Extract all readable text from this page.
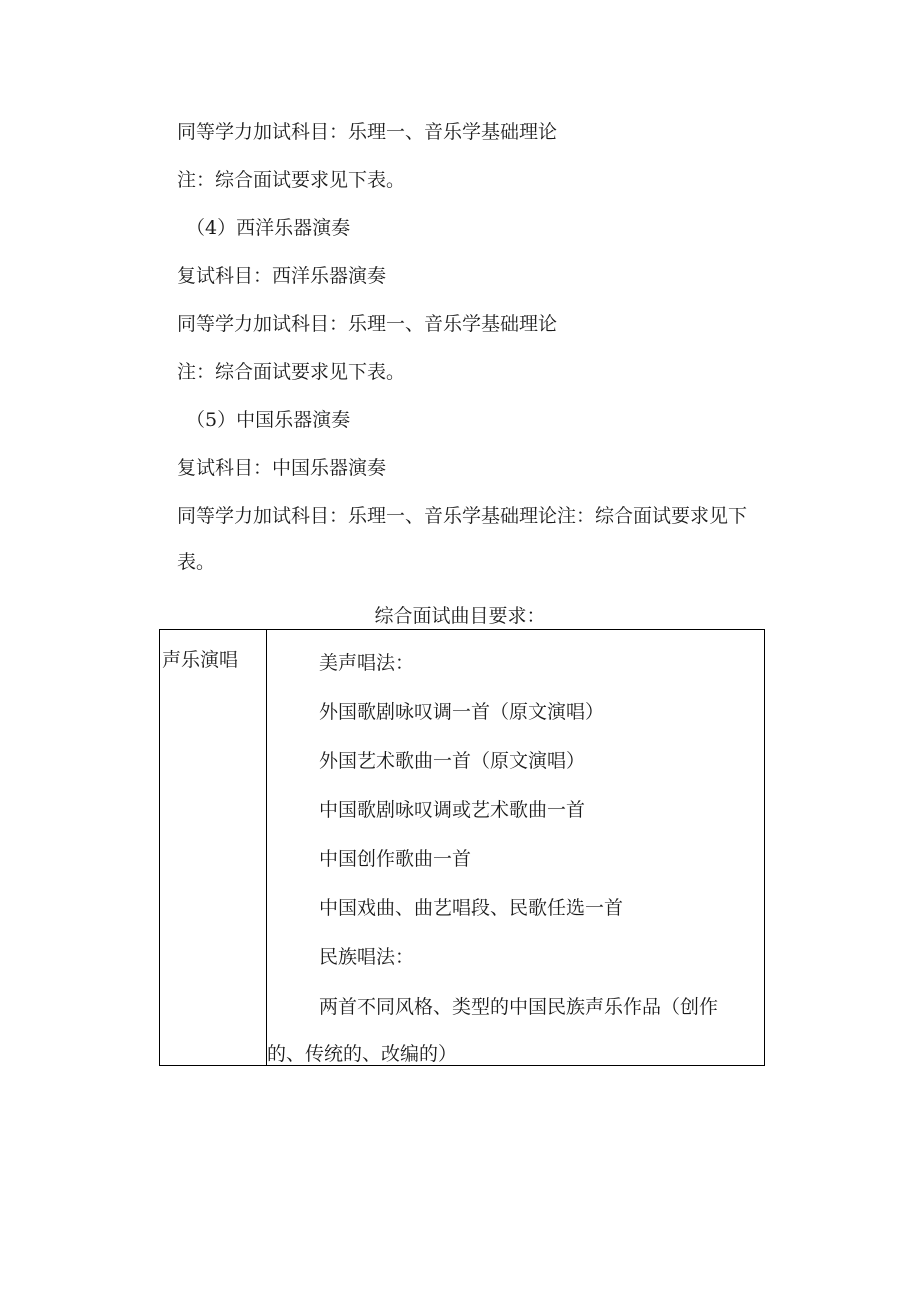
同等学力加试科目：乐理一、音乐学基础理论
注：综合面试要求见下表。
（4）西洋乐器演奏
复试科目：西洋乐器演奏
同等学力加试科目：乐理一、音乐学基础理论
注：综合面试要求见下表。
（5）中国乐器演奏
复试科目：中国乐器演奏
同等学力加试科目：乐理一、音乐学基础理论注：综合面试要求见下
表。
综合面试曲目要求：
声乐演唱	美声唱法：
外国歌剧咏叹调一首（原文演唱）
外国艺术歌曲一首（原文演唱）
中国歌剧咏叹调或艺术歌曲一首
中国创作歌曲一首
中国戏曲、曲艺唱段、民歌任选一首
民族唱法：
两首不同风格、类型的中国民族声乐作品（创作
的、传统的、改编的）
